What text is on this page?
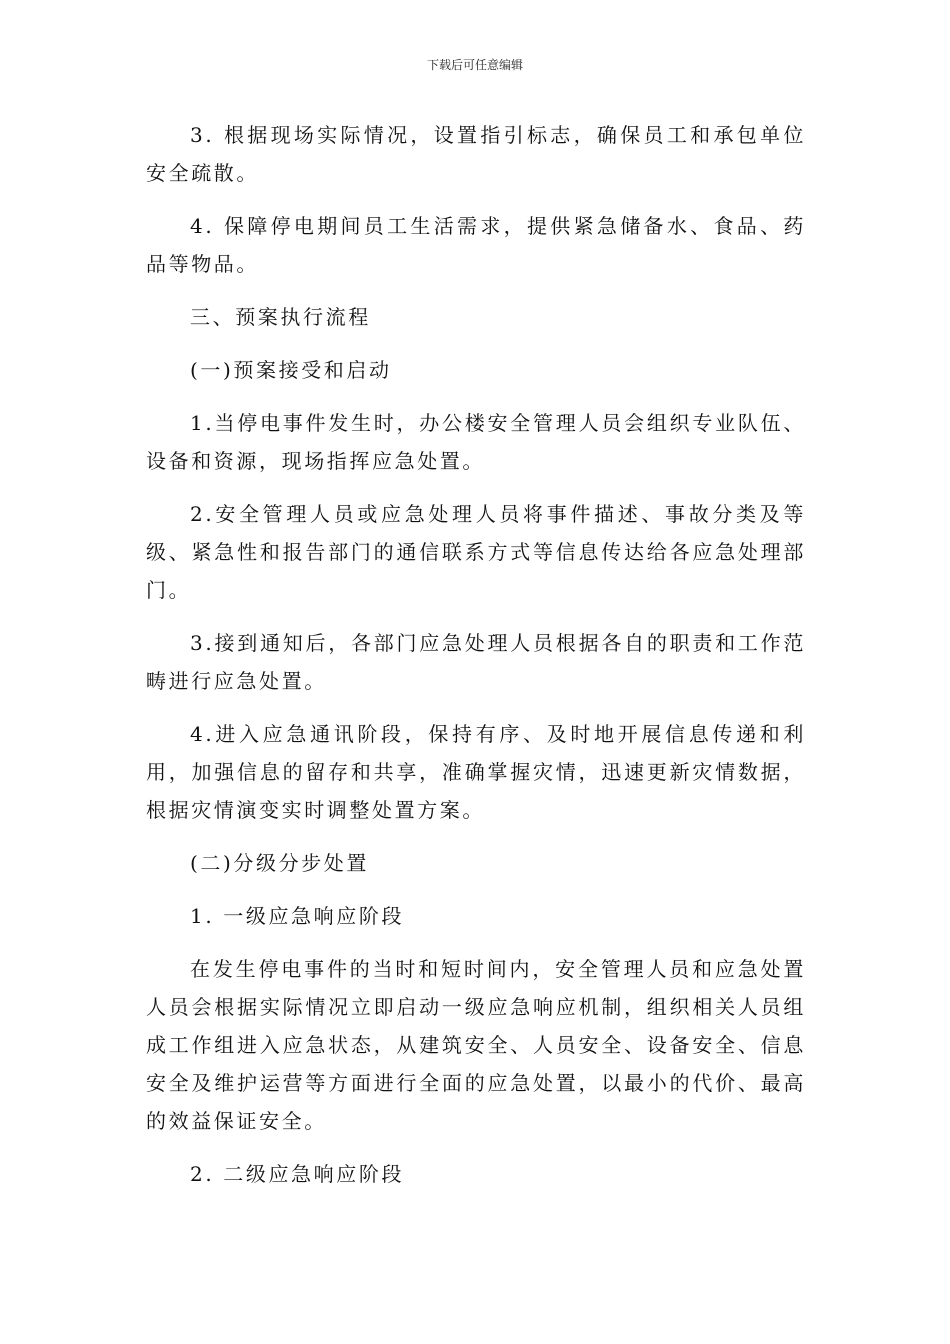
下载后可任意编辑

3. 根据现场实际情况，设置指引标志，确保员工和承包单位安全疏散。

4. 保障停电期间员工生活需求，提供紧急储备水、食品、药品等物品。

三、预案执行流程

(一)预案接受和启动

1.当停电事件发生时，办公楼安全管理人员会组织专业队伍、设备和资源，现场指挥应急处置。

2.安全管理人员或应急处理人员将事件描述、事故分类及等级、紧急性和报告部门的通信联系方式等信息传达给各应急处理部门。

3.接到通知后，各部门应急处理人员根据各自的职责和工作范畴进行应急处置。

4.进入应急通讯阶段，保持有序、及时地开展信息传递和利用，加强信息的留存和共享，准确掌握灾情，迅速更新灾情数据，根据灾情演变实时调整处置方案。

(二)分级分步处置

1. 一级应急响应阶段

在发生停电事件的当时和短时间内，安全管理人员和应急处置人员会根据实际情况立即启动一级应急响应机制，组织相关人员组成工作组进入应急状态，从建筑安全、人员安全、设备安全、信息安全及维护运营等方面进行全面的应急处置，以最小的代价、最高的效益保证安全。

2. 二级应急响应阶段
